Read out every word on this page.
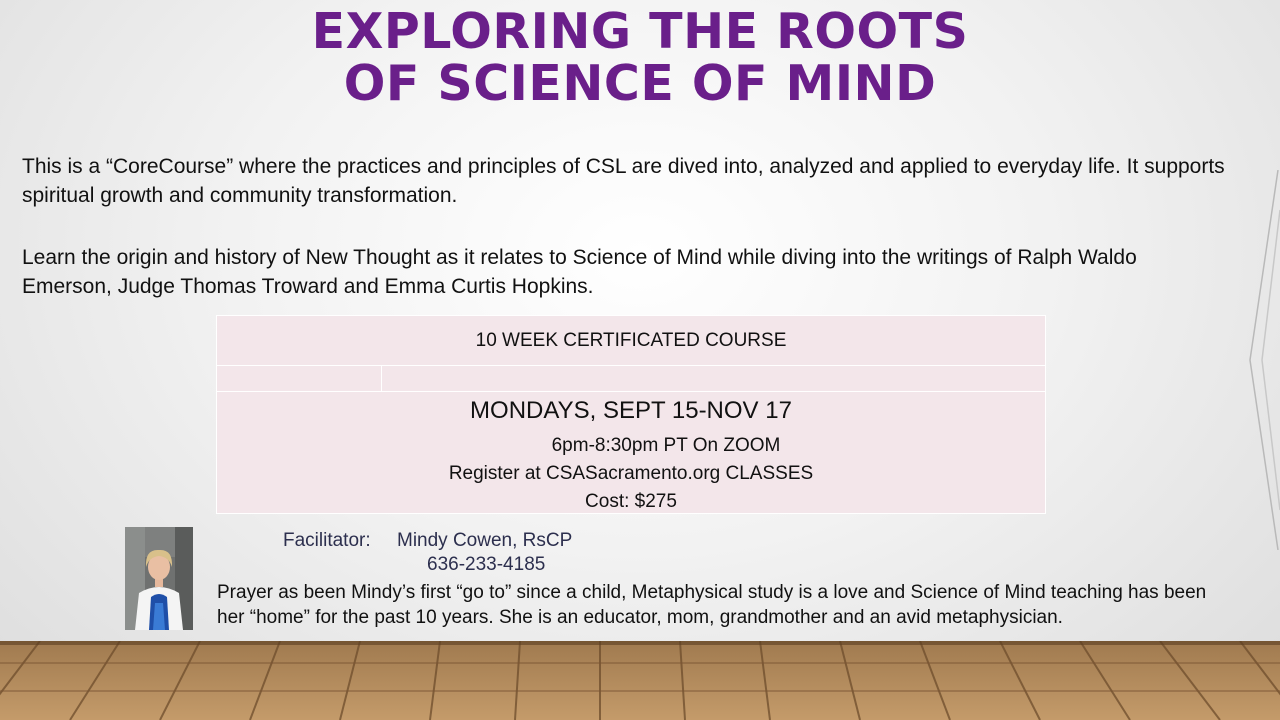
EXPLORING THE ROOTS
OF SCIENCE OF MIND
This is a “CoreCourse” where the practices and principles of CSL are dived into, analyzed and applied to everyday life. It supports spiritual growth and community transformation.
Learn the origin and history of New Thought as it relates to Science of Mind while diving into the writings of Ralph Waldo Emerson, Judge Thomas Troward and Emma Curtis Hopkins.
10 WEEK CERTIFICATED COURSE
MONDAYS, SEPT 15-NOV 17
6pm-8:30pm PT On ZOOM
Register at CSASacramento.org CLASSES
Cost: $275
Facilitator: Mindy Cowen, RsCP
636-233-4185
Prayer as been Mindy’s first “go to” since a child, Metaphysical study is a love and Science of Mind teaching has been her “home” for the past 10 years. She is an educator, mom, grandmother and an avid metaphysician.
